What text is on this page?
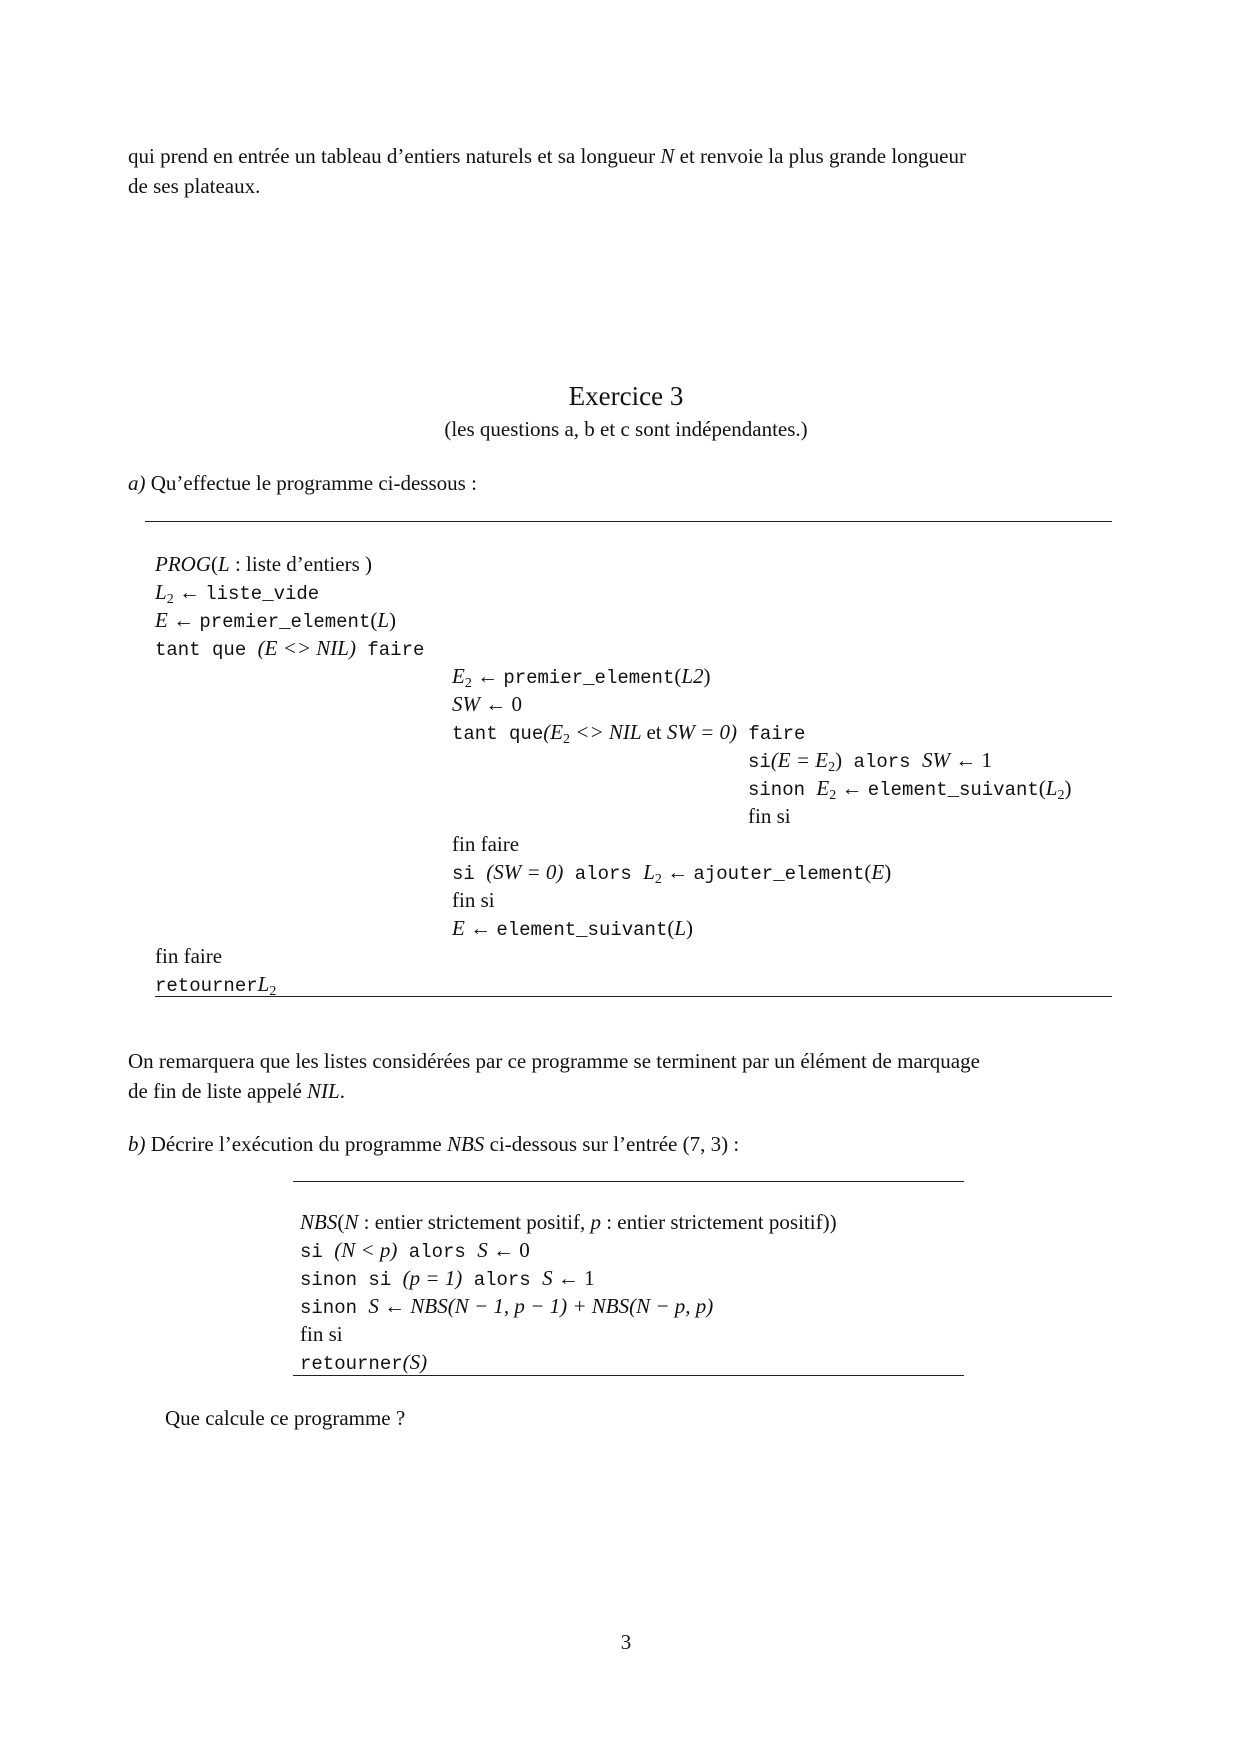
qui prend en entrée un tableau d’entiers naturels et sa longueur N et renvoie la plus grande longueur
de ses plateaux.
Exercice 3
(les questions a, b et c sont indépendantes.)
a) Qu’effectue le programme ci-dessous :
PROG(L : liste d’entiers )
$L_2$ ← liste_vide
E ← premier_element(L)
tant que (E <> NIL) faire
$E_2$ ← premier_element(L2)
SW ← 0
tant $que(E_2$ <> NIL et SW = 0) faire
$si(E = E_2)$ alors SW ← 1
sinon $E_2$ ← $element\_suivant(L_2)$
fin si
fin faire
si (SW = 0) alors $L_2$ ← ajouter_element(E)
fin si
E ← element_suivant(L)
fin faire
retournerL$_2$
On remarquera que les listes considérées par ce programme se terminent par un élément de marquage
de fin de liste appelé NIL.
b) Décrire l’exécution du programme NBS ci-dessous sur l’entrée (7, 3) :
NBS(N : entier strictement positif, p : entier strictement positif))
si (N < p) alors S ← 0
sinon si (p = 1) alors S ← 1
sinon S ← NBS(N − 1, p − 1) + NBS(N − p, p)
fin si
retourner(S)
Que calcule ce programme ?
3
